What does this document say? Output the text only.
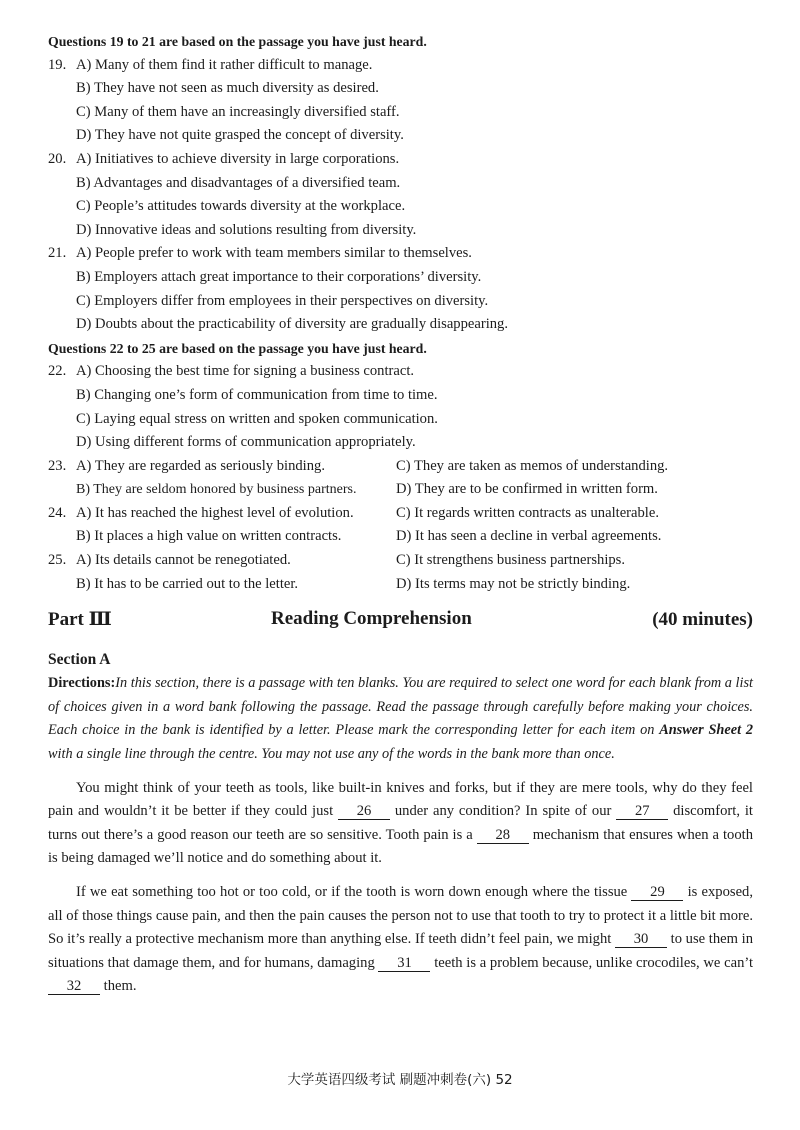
Questions 19 to 21 are based on the passage you have just heard.
19. A) Many of them find it rather difficult to manage.
B) They have not seen as much diversity as desired.
C) Many of them have an increasingly diversified staff.
D) They have not quite grasped the concept of diversity.
20. A) Initiatives to achieve diversity in large corporations.
B) Advantages and disadvantages of a diversified team.
C) People’s attitudes towards diversity at the workplace.
D) Innovative ideas and solutions resulting from diversity.
21. A) People prefer to work with team members similar to themselves.
B) Employers attach great importance to their corporations’ diversity.
C) Employers differ from employees in their perspectives on diversity.
D) Doubts about the practicability of diversity are gradually disappearing.
Questions 22 to 25 are based on the passage you have just heard.
22. A) Choosing the best time for signing a business contract.
B) Changing one’s form of communication from time to time.
C) Laying equal stress on written and spoken communication.
D) Using different forms of communication appropriately.
23. A) They are regarded as seriously binding.	C) They are taken as memos of understanding.
B) They are seldom honored by business partners.	D) They are to be confirmed in written form.
24. A) It has reached the highest level of evolution.	C) It regards written contracts as unalterable.
B) It places a high value on written contracts.	D) It has seen a decline in verbal agreements.
25. A) Its details cannot be renegotiated.	C) It strengthens business partnerships.
B) It has to be carried out to the letter.	D) Its terms may not be strictly binding.
Part Ⅲ	Reading Comprehension	(40 minutes)
Section A
Directions:In this section, there is a passage with ten blanks. You are required to select one word for each blank from a list of choices given in a word bank following the passage. Read the passage through carefully before making your choices. Each choice in the bank is identified by a letter. Please mark the corresponding letter for each item on Answer Sheet 2 with a single line through the centre. You may not use any of the words in the bank more than once.

You might think of your teeth as tools, like built-in knives and forks, but if they are mere tools, why do they feel pain and wouldn’t it be better if they could just 26 under any condition? In spite of our 27 discomfort, it turns out there’s a good reason our teeth are so sensitive. Tooth pain is a 28 mechanism that ensures when a tooth is being damaged we’ll notice and do something about it.

If we eat something too hot or too cold, or if the tooth is worn down enough where the tissue 29 is exposed, all of those things cause pain, and then the pain causes the person not to use that tooth to try to protect it a little bit more. So it’s really a protective mechanism more than anything else. If teeth didn’t feel pain, we might 30 to use them in situations that damage them, and for humans, damaging 31 teeth is a problem because, unlike crocodiles, we can’t 32 them.

大学英语四级考试 刷题冲刺卷(六) 52
